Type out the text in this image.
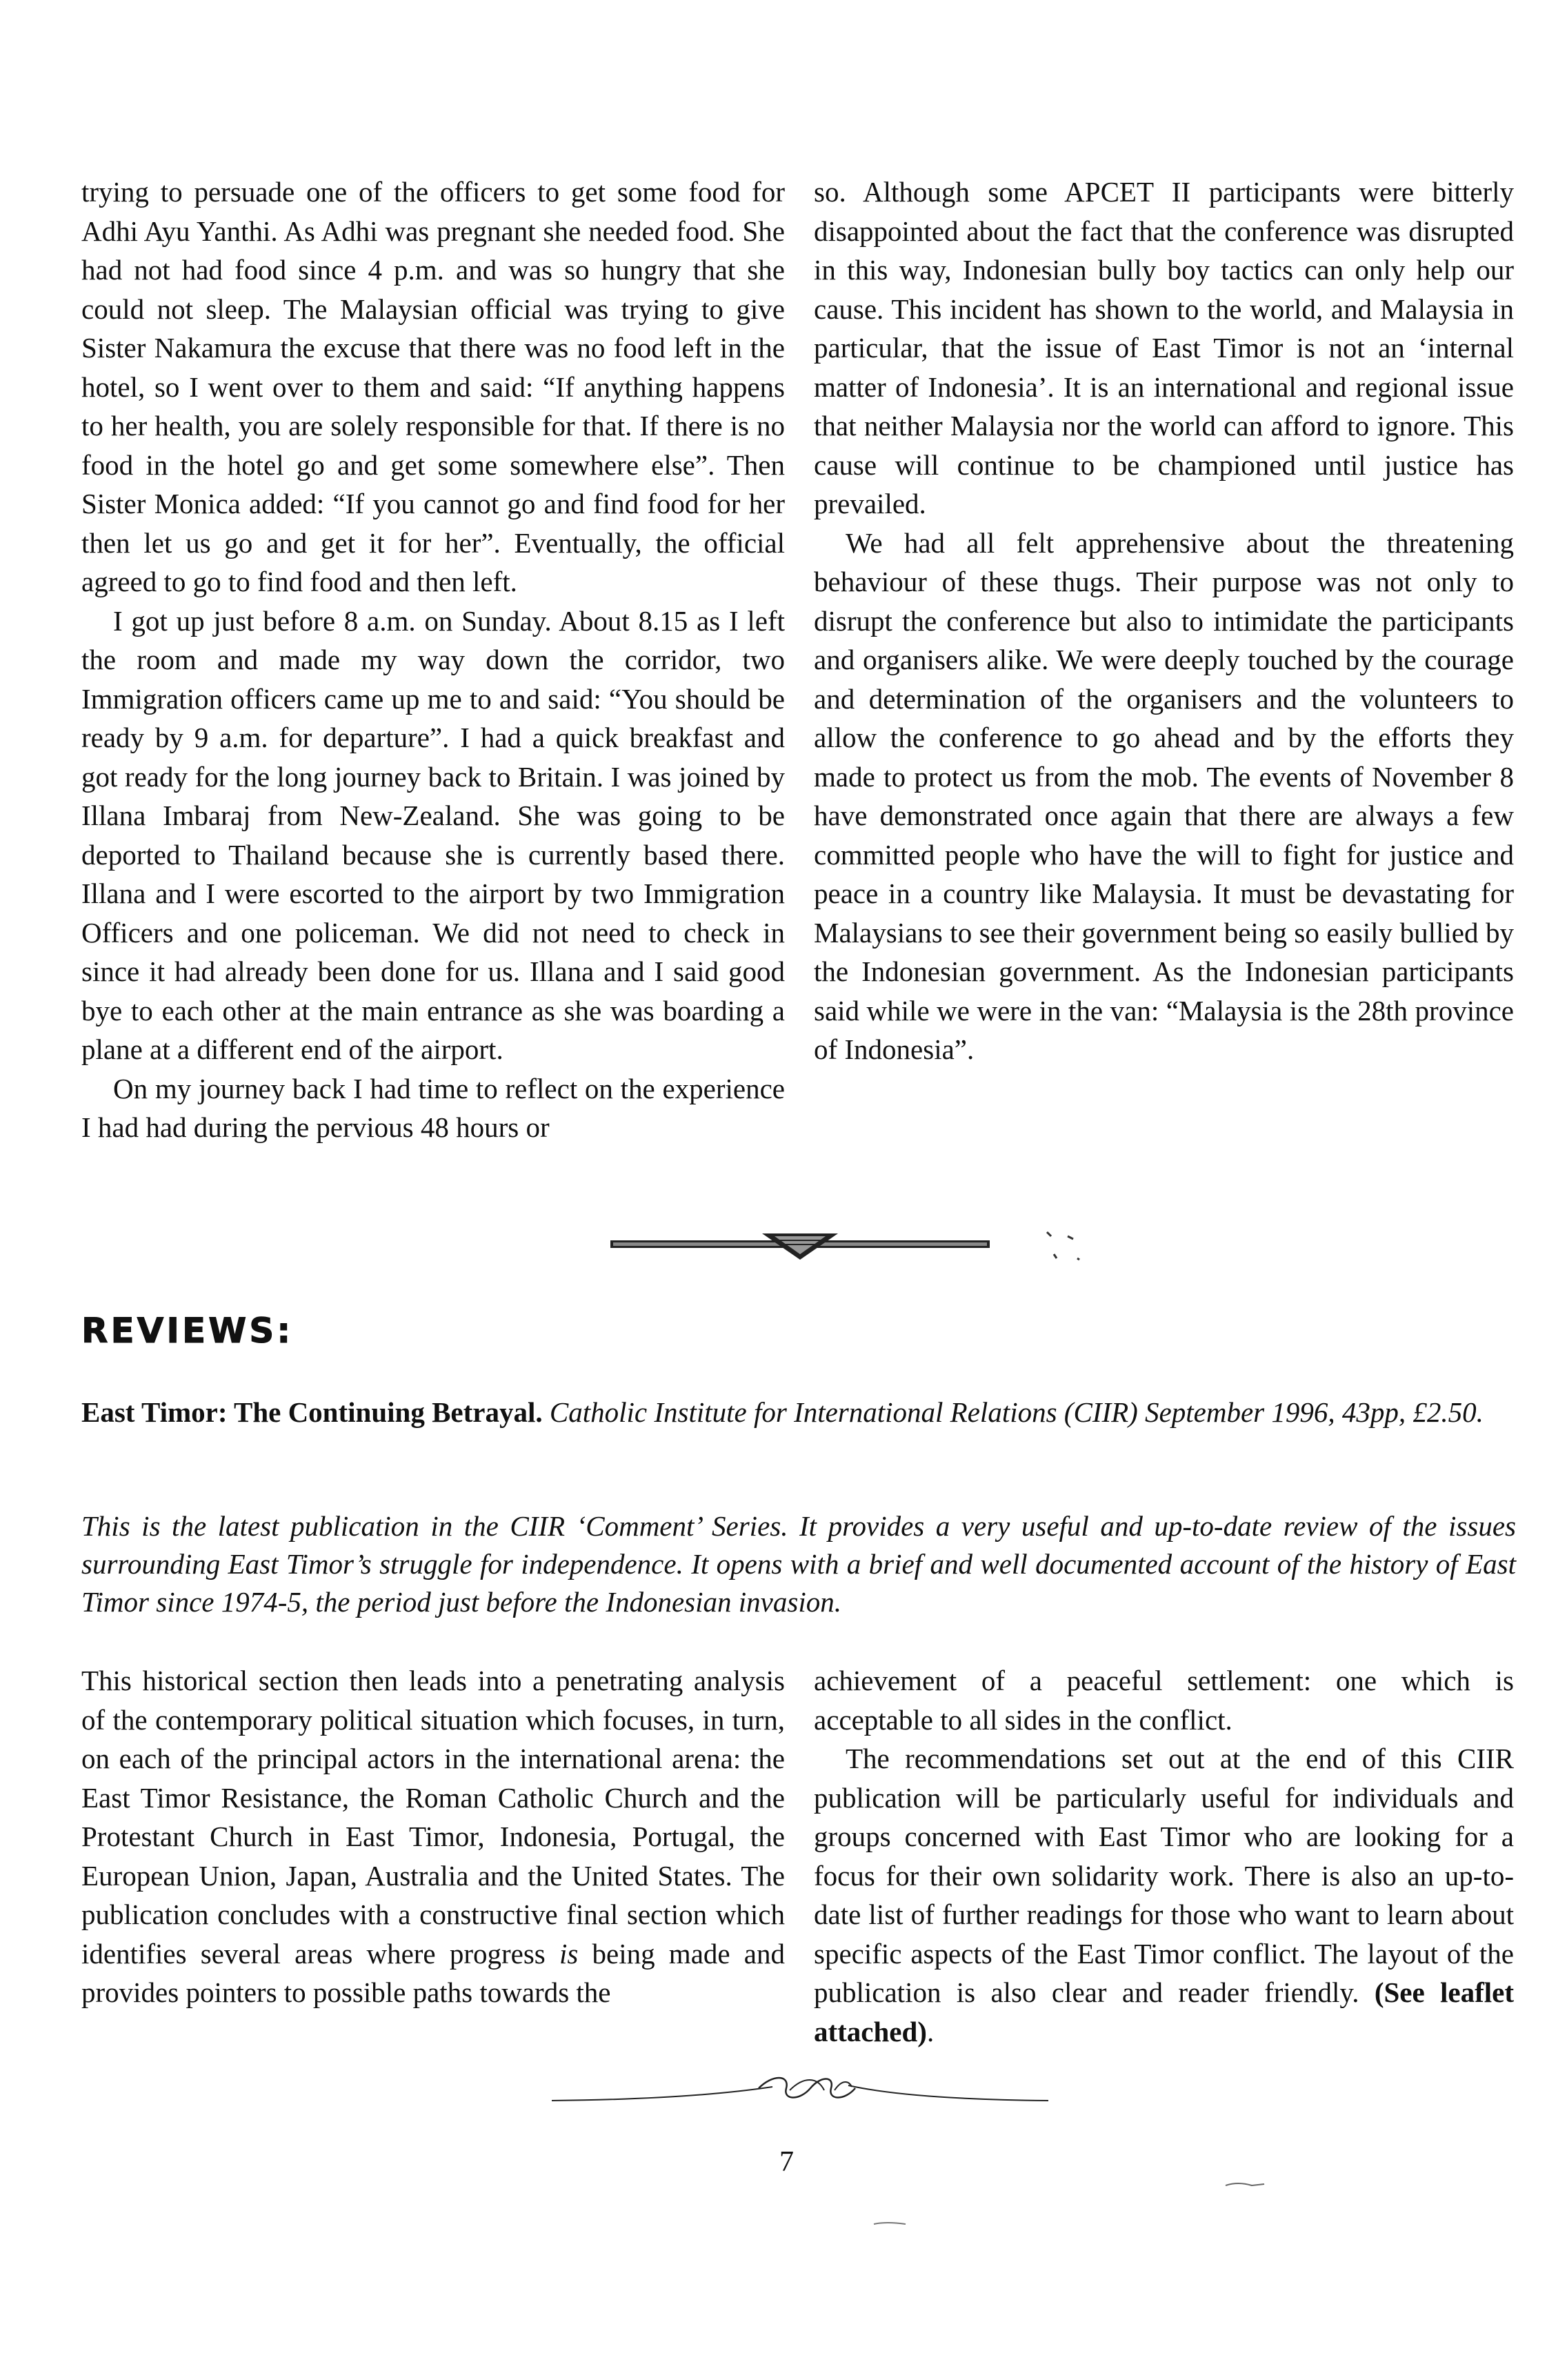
trying to persuade one of the officers to get some food for Adhi Ayu Yanthi. As Adhi was pregnant she needed food. She had not had food since 4 p.m. and was so hungry that she could not sleep. The Malaysian official was trying to give Sister Nakamura the excuse that there was no food left in the hotel, so I went over to them and said: “If anything happens to her health, you are solely responsible for that. If there is no food in the hotel go and get some somewhere else”. Then Sister Monica added: “If you cannot go and find food for her then let us go and get it for her”. Eventually, the official agreed to go to find food and then left.

I got up just before 8 a.m. on Sunday. About 8.15 as I left the room and made my way down the corridor, two Immigration officers came up me to and said: “You should be ready by 9 a.m. for departure”. I had a quick breakfast and got ready for the long journey back to Britain. I was joined by Illana Imbaraj from New-Zealand. She was going to be deported to Thailand because she is currently based there. Illana and I were escorted to the airport by two Immigration Officers and one policeman. We did not need to check in since it had already been done for us. Illana and I said good bye to each other at the main entrance as she was boarding a plane at a different end of the airport.

On my journey back I had time to reflect on the experience I had had during the pervious 48 hours or

so. Although some APCET II participants were bitterly disappointed about the fact that the conference was disrupted in this way, Indonesian bully boy tactics can only help our cause. This incident has shown to the world, and Malaysia in particular, that the issue of East Timor is not an ‘internal matter of Indonesia’. It is an international and regional issue that neither Malaysia nor the world can afford to ignore. This cause will continue to be championed until justice has prevailed.

We had all felt apprehensive about the threatening behaviour of these thugs. Their purpose was not only to disrupt the conference but also to intimidate the participants and organisers alike. We were deeply touched by the courage and determination of the organisers and the volunteers to allow the conference to go ahead and by the efforts they made to protect us from the mob. The events of November 8 have demonstrated once again that there are always a few committed people who have the will to fight for justice and peace in a country like Malaysia. It must be devastating for Malaysians to see their government being so easily bullied by the Indonesian government. As the Indonesian participants said while we were in the van: “Malaysia is the 28th province of Indonesia”.

REVIEWS:
East Timor: The Continuing Betrayal. Catholic Institute for International Relations (CIIR) September 1996, 43pp, £2.50.
This is the latest publication in the CIIR ‘Comment’ Series. It provides a very useful and up-to-date review of the issues surrounding East Timor’s struggle for independence. It opens with a brief and well documented account of the history of East Timor since 1974-5, the period just before the Indonesian invasion.

This historical section then leads into a penetrating analysis of the contemporary political situation which focuses, in turn, on each of the principal actors in the international arena: the East Timor Resistance, the Roman Catholic Church and the Protestant Church in East Timor, Indonesia, Portugal, the European Union, Japan, Australia and the United States. The publication concludes with a constructive final section which identifies several areas where progress is being made and provides pointers to possible paths towards the

achievement of a peaceful settlement: one which is acceptable to all sides in the conflict.

The recommendations set out at the end of this CIIR publication will be particularly useful for individuals and groups concerned with East Timor who are looking for a focus for their own solidarity work. There is also an up-to-date list of further readings for those who want to learn about specific aspects of the East Timor conflict. The layout of the publication is also clear and reader friendly. (See leaflet attached).

7
